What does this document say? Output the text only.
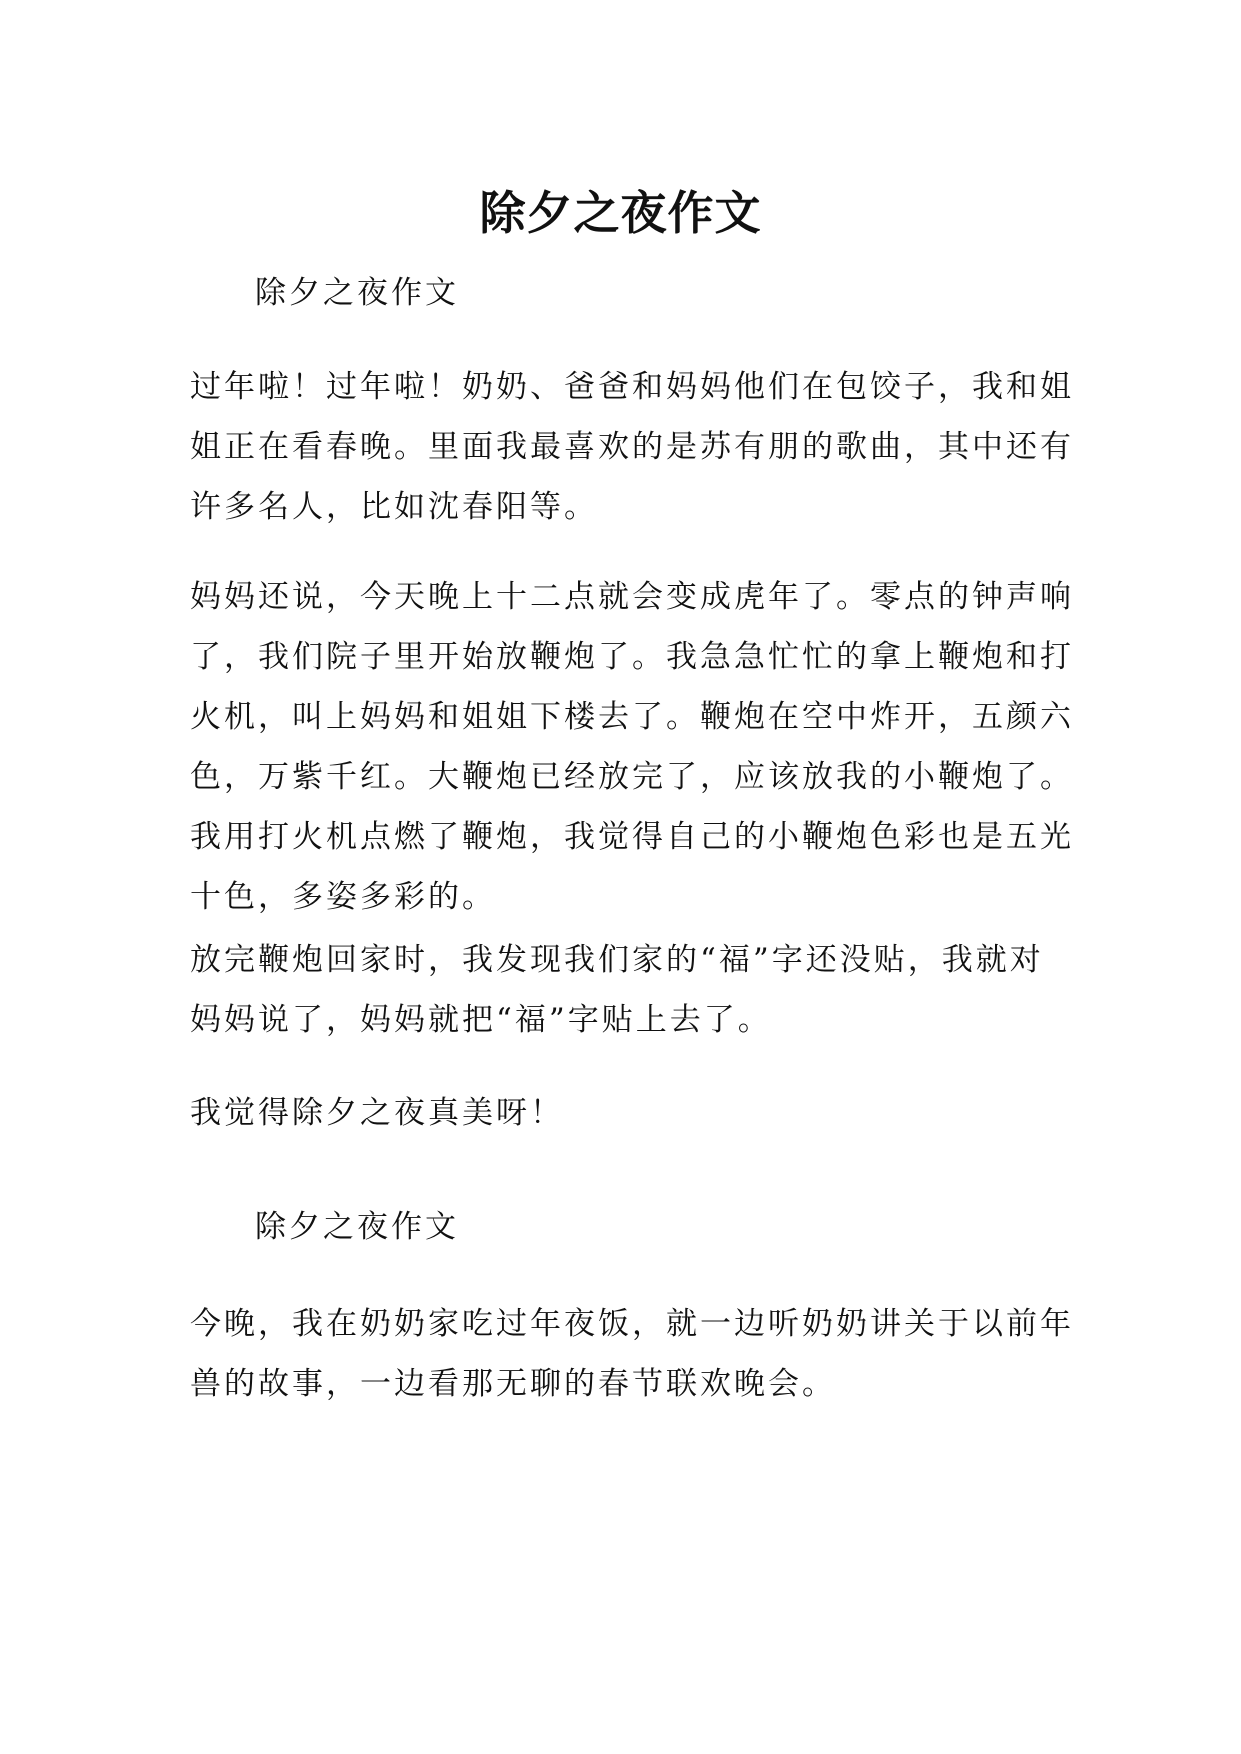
除夕之夜作文
除夕之夜作文
过年啦！过年啦！奶奶、爸爸和妈妈他们在包饺子，我和姐
姐正在看春晚。里面我最喜欢的是苏有朋的歌曲，其中还有
许多名人，比如沈春阳等。
妈妈还说，今天晚上十二点就会变成虎年了。零点的钟声响
了，我们院子里开始放鞭炮了。我急急忙忙的拿上鞭炮和打
火机，叫上妈妈和姐姐下楼去了。鞭炮在空中炸开，五颜六
色，万紫千红。大鞭炮已经放完了，应该放我的小鞭炮了。
我用打火机点燃了鞭炮，我觉得自己的小鞭炮色彩也是五光
十色，多姿多彩的。
放完鞭炮回家时，我发现我们家的“福”字还没贴，我就对
妈妈说了，妈妈就把“福”字贴上去了。
我觉得除夕之夜真美呀！
除夕之夜作文
今晚，我在奶奶家吃过年夜饭，就一边听奶奶讲关于以前年
兽的故事，一边看那无聊的春节联欢晚会。
